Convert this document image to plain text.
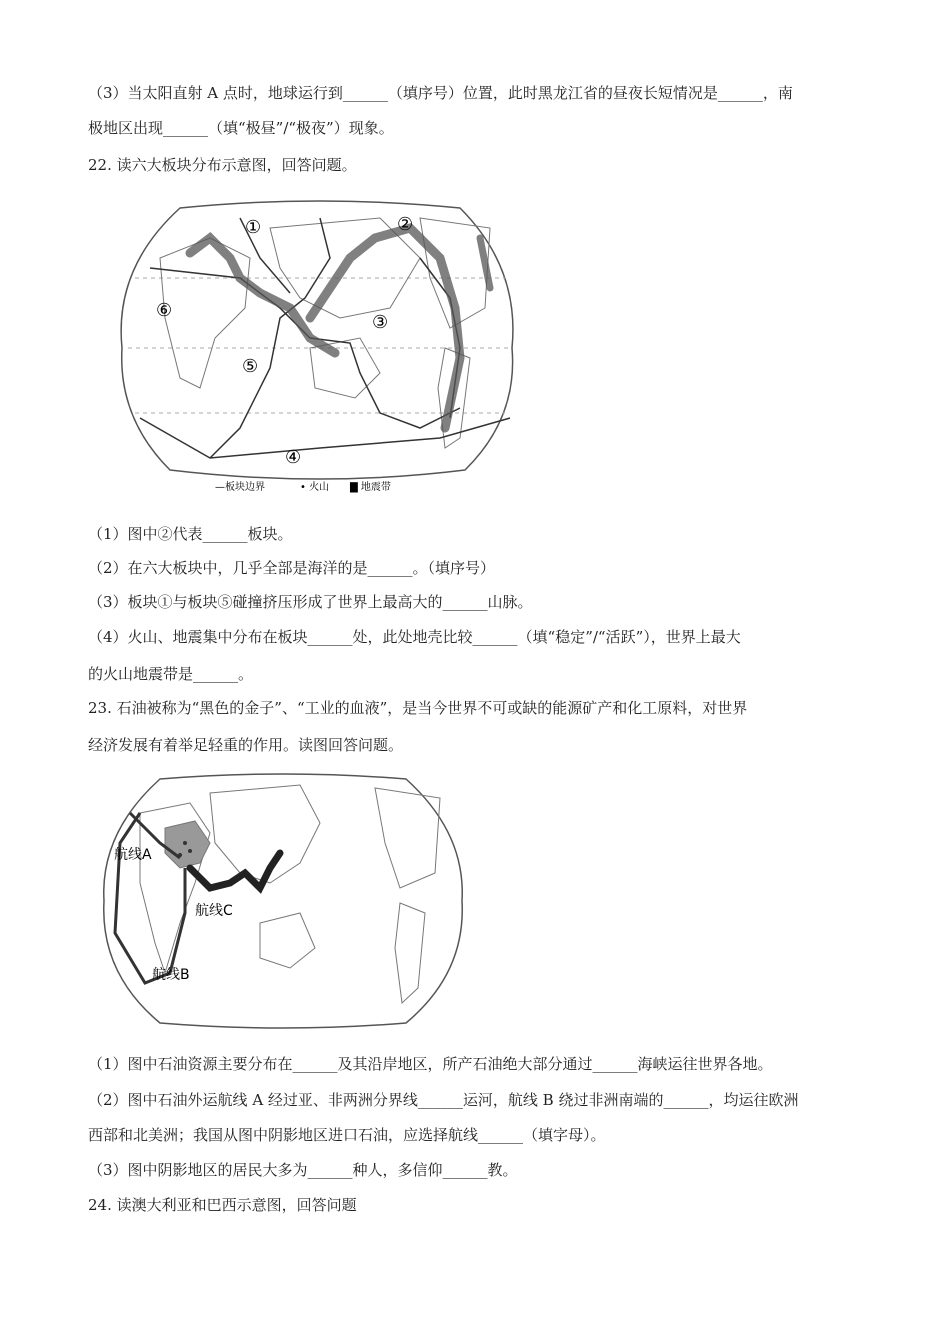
（3）当太阳直射 A 点时，地球运行到______（填序号）位置，此时黑龙江省的昼夜长短情况是______，南
极地区出现______（填“极昼”/“极夜”）现象。
22. 读六大板块分布示意图，回答问题。
①	②
③
④
⑤
⑥
—板块边界	• 火山 ▇ 地震带
（1）图中②代表______板块。
（2）在六大板块中，几乎全部是海洋的是______。（填序号）
（3）板块①与板块⑤碰撞挤压形成了世界上最高大的______山脉。
（4）火山、地震集中分布在板块______处，此处地壳比较______（填“稳定”/“活跃”），世界上最大
的火山地震带是______。
23. 石油被称为“黑色的金子”、“工业的血液”，是当今世界不可或缺的能源矿产和化工原料，对世界
经济发展有着举足轻重的作用。读图回答问题。
航线A
航线B
航线C
（1）图中石油资源主要分布在______及其沿岸地区，所产石油绝大部分通过______海峡运往世界各地。
（2）图中石油外运航线 A 经过亚、非两洲分界线______运河，航线 B 绕过非洲南端的______，均运往欧洲
西部和北美洲；我国从图中阴影地区进口石油，应选择航线______（填字母）。
（3）图中阴影地区的居民大多为______种人，多信仰______教。
24. 读澳大利亚和巴西示意图，回答问题
